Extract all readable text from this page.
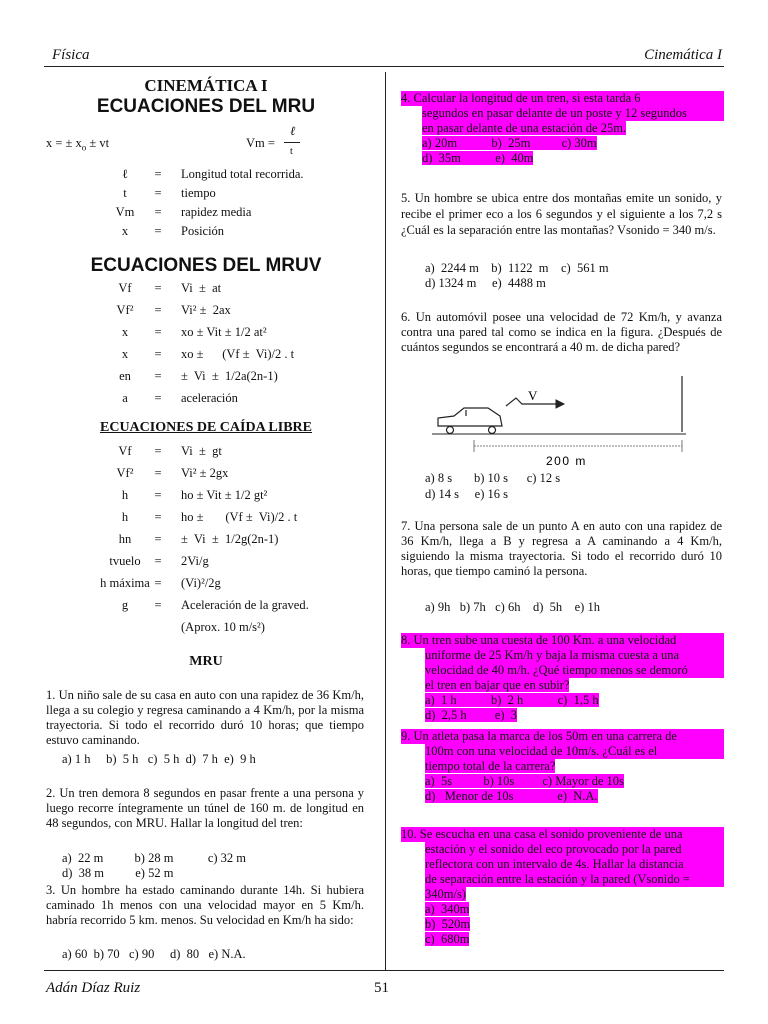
Física	Cinemática I
CINEMÁTICA I
ECUACIONES DEL MRU
x = ± $x_o$ ± vt	Vm =
ℓ
t
ℓ	=	Longitud total recorrida.
t	=	tiempo
Vm	=	rapidez media
x	=	Posición
ECUACIONES DEL MRUV
Vf	=	Vi  ±  at
Vf²	=	Vi² ±  2ax
x	=	xo ± Vit ± 1/2 at²
x	=	xo ±      (Vf ±  Vi)/2 . t
en	=	±  Vi  ±  1/2a(2n-1)
a	=	aceleración
ECUACIONES DE CAÍDA LIBRE
Vf	=	Vi  ±  gt
Vf²	=	Vi² ± 2gx
h	=	ho ± Vit ± 1/2 gt²
h	=	ho ±       (Vf ±  Vi)/2 . t
hn	=	±  Vi  ±  1/2g(2n-1)
tvuelo	=	2Vi/g
h máxima =	(Vi)²/2g
g	=	Aceleración de la graved.
(Aprox. 10 m/s²)
MRU
1. Un niño sale de su casa en auto con una rapidez de 36 Km/h, llega a su colegio y regresa caminando a 4 Km/h, por la misma trayectoria. Si todo el recorrido duró 10 horas; que tiempo estuvo caminando.
a) 1 h     b)  5 h   c)  5 h  d)  7 h  e)  9 h
2. Un tren demora 8 segundos en pasar frente a una persona y luego recorre íntegramente un túnel de 160 m. de longitud en 48 segundos, con MRU. Hallar la longitud del tren:
a)  22 m          b) 28 m           c) 32 m
d)  38 m          e) 52 m
3. Un hombre ha estado caminando durante 14h. Si hubiera caminado 1h menos con una velocidad mayor en 5 Km/h. habría recorrido 5 km. menos. Su velocidad en Km/h ha sido:
a) 60  b) 70   c) 90     d)  80   e) N.A.
4. Calcular la longitud de un tren, si esta tarda 6
segundos en pasar delante de un poste y 12 segundos
en pasar delante de una estación de 25m.
a) 20m           b)  25m          c) 30m
d)  35m           e)  40m
5. Un hombre se ubica entre dos montañas emite un sonido, y recibe el primer eco a los 6 segundos y el siguiente a los 7,2 s ¿Cuál es la separación entre las montañas? Vsonido = 340 m/s.
a)  2244 m    b)  1122  m    c)  561 m
d) 1324 m     e)  4488 m
6. Un automóvil posee una velocidad de 72 Km/h, y avanza contra una pared tal como se indica en la figura. ¿Después de cuántos segundos se encontrará a 40 m. de dicha pared?
V
200 m
a) 8 s       b) 10 s      c) 12 s
d) 14 s     e) 16 s
7. Una persona sale de un punto A en auto con una rapidez de 36 Km/h, llega a B y regresa a A caminando a 4 Km/h, siguiendo la misma trayectoria. Si todo el recorrido duró 10 horas, que tiempo caminó la persona.
a) 9h   b) 7h   c) 6h    d)  5h    e) 1h
8. Un tren sube una cuesta de 100 Km. a una velocidad
uniforme de 25 Km/h y baja la misma cuesta a una
velocidad de 40 m/h. ¿Qué tiempo menos se demoró
el tren en bajar que en subir?
a)  1 h           b)  2 h           c)  1,5 h
d)  2,5 h         e)  3
9. Un atleta pasa la marca de los 50m en una carrera de
100m con una velocidad de 10m/s. ¿Cuál es el
tiempo total de la carrera?
a)  5s          b) 10s         c) Mayor de 10s
d)   Menor de 10s              e)  N.A.
10. Se escucha en una casa el sonido proveniente de una
estación y el sonido del eco provocado por la pared
reflectora con un intervalo de 4s. Hallar la distancia
de separación entre la estación y la pared (Vsonido =
340m/s)
a)  340m
b)  520m
c)  680m
Adán Díaz Ruiz	51
